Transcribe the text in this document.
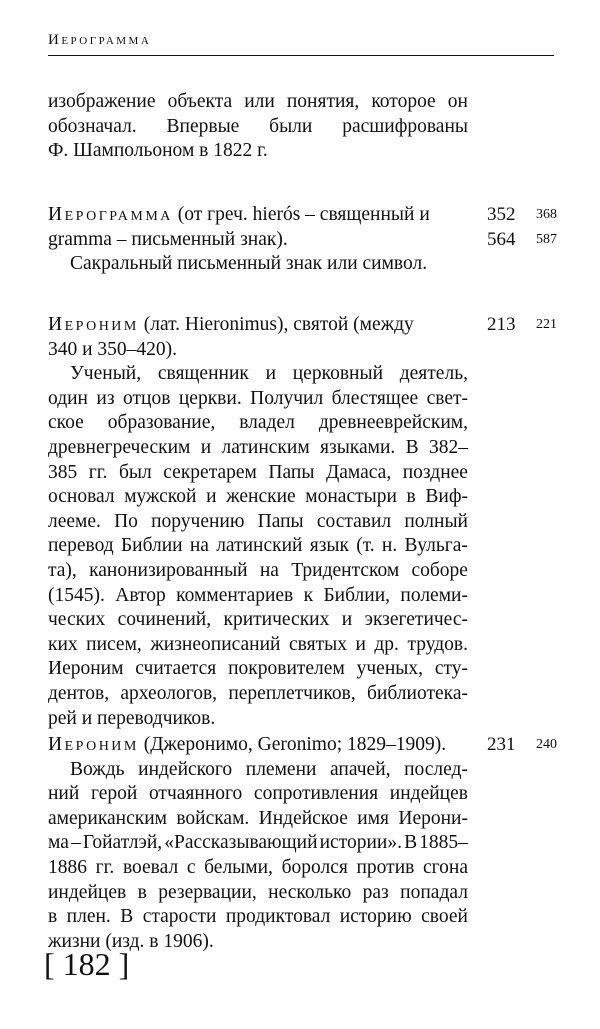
Иерограмма
изображение объекта или понятия, которое он
обозначал. Впервые были расшифрованы
Ф. Шампольоном в 1822 г.
Иерограмма (от греч. hierós – священный и
gramma – письменный знак).
Сакральный письменный знак или символ.
352 368
564 587
Иероним (лат. Hieronimus), святой (между
340 и 350–420).
Ученый, священник и церковный деятель,
один из отцов церкви. Получил блестящее свет-
ское образование, владел древнееврейским,
древнегреческим и латинским языками. В 382–
385 гг. был секретарем Папы Дамаса, позднее
основал мужской и женские монастыри в Виф-
лееме. По поручению Папы составил полный
перевод Библии на латинский язык (т. н. Вульга-
та), канонизированный на Тридентском соборе
(1545). Автор комментариев к Библии, полеми-
ческих сочинений, критических и экзегетичес-
ких писем, жизнеописаний святых и др. трудов.
Иероним считается покровителем ученых, сту-
дентов, археологов, переплетчиков, библиотека-
рей и переводчиков.
213 221
Иероним (Джеронимо, Geronimo; 1829–1909).
Вождь индейского племени апачей, послед-
ний герой отчаянного сопротивления индейцев
американским войскам. Индейское имя Иерони-
ма – Гойатлэй, «Рассказывающий истории». В 1885–
1886 гг. воевал с белыми, боролся против сгона
индейцев в резервации, несколько раз попадал
в плен. В старости продиктовал историю своей
жизни (изд. в 1906).
231 240
[ 182 ]
